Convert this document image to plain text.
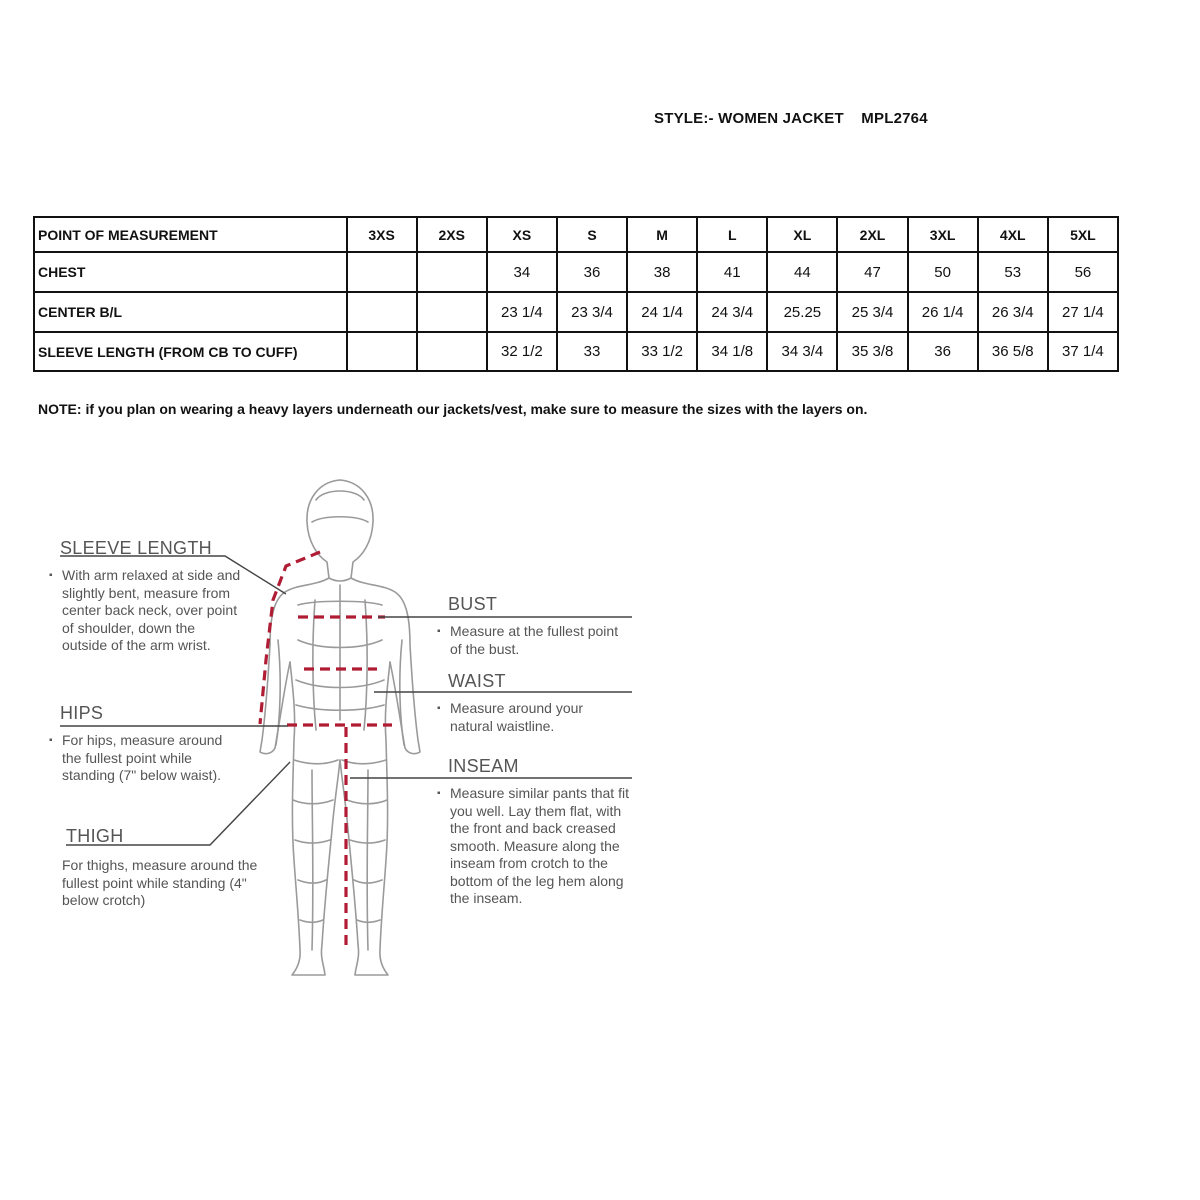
STYLE:- WOMEN JACKET    MPL2764
POINT OF MEASUREMENT	3XS	2XS	XS	S	M	L	XL	2XL	3XL	4XL	5XL
CHEST			34	36	38	41	44	47	50	53	56
CENTER B/L			23 1/4	23 3/4	24 1/4	24 3/4	25.25	25 3/4	26 1/4	26 3/4	27 1/4
SLEEVE LENGTH (FROM CB TO CUFF)			32 1/2	33	33 1/2	34 1/8	34 3/4	35 3/8	36	36 5/8	37 1/4
NOTE: if you plan on wearing a heavy layers underneath our jackets/vest, make sure to measure the sizes with the layers on.
SLEEVE LENGTH
▪ With arm relaxed at side and slightly bent, measure from center back neck, over point of shoulder, down the outside of the arm wrist.
HIPS
▪ For hips, measure around the fullest point while standing (7" below waist).
THIGH
For thighs, measure around the fullest point while standing (4" below crotch)
BUST
▪ Measure at the fullest point of the bust.
WAIST
▪ Measure around your natural waistline.
INSEAM
▪ Measure similar pants that fit you well. Lay them flat, with the front and back creased smooth. Measure along the inseam from crotch to the bottom of the leg hem along the inseam.
